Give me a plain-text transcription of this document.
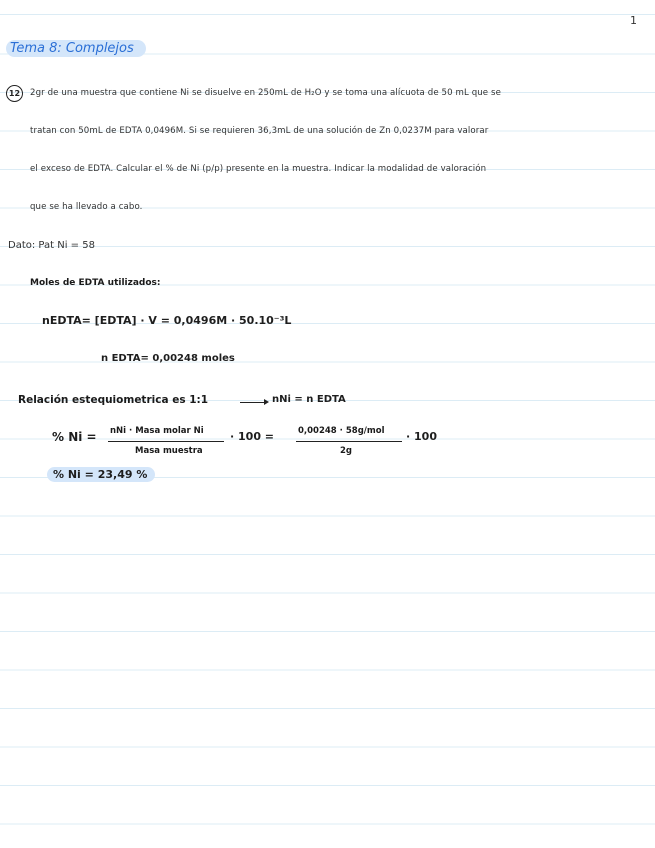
1
Tema 8: Complejos
12	2gr de una muestra que contiene Ni se disuelve en 250mL de H₂O y se toma una alícuota de 50 mL que se
tratan con 50mL de EDTA 0,0496M. Si se requieren 36,3mL de una solución de Zn 0,0237M para valorar
el exceso de EDTA. Calcular el % de Ni (p/p) presente en la muestra. Indicar la modalidad de valoración
que se ha llevado a cabo.
Dato: Pat Ni = 58
Moles de EDTA utilizados:
nEDTA= [EDTA] · V = 0,0496M · 50.10⁻³L
n EDTA= 0,00248 moles
Relación estequiometrica es 1:1	nNi = n EDTA
% Ni = nNi · Masa molar Ni
Masa muestra
· 100 =	0,00248 · 58g/mol
2g
· 100
% Ni = 23,49 %
